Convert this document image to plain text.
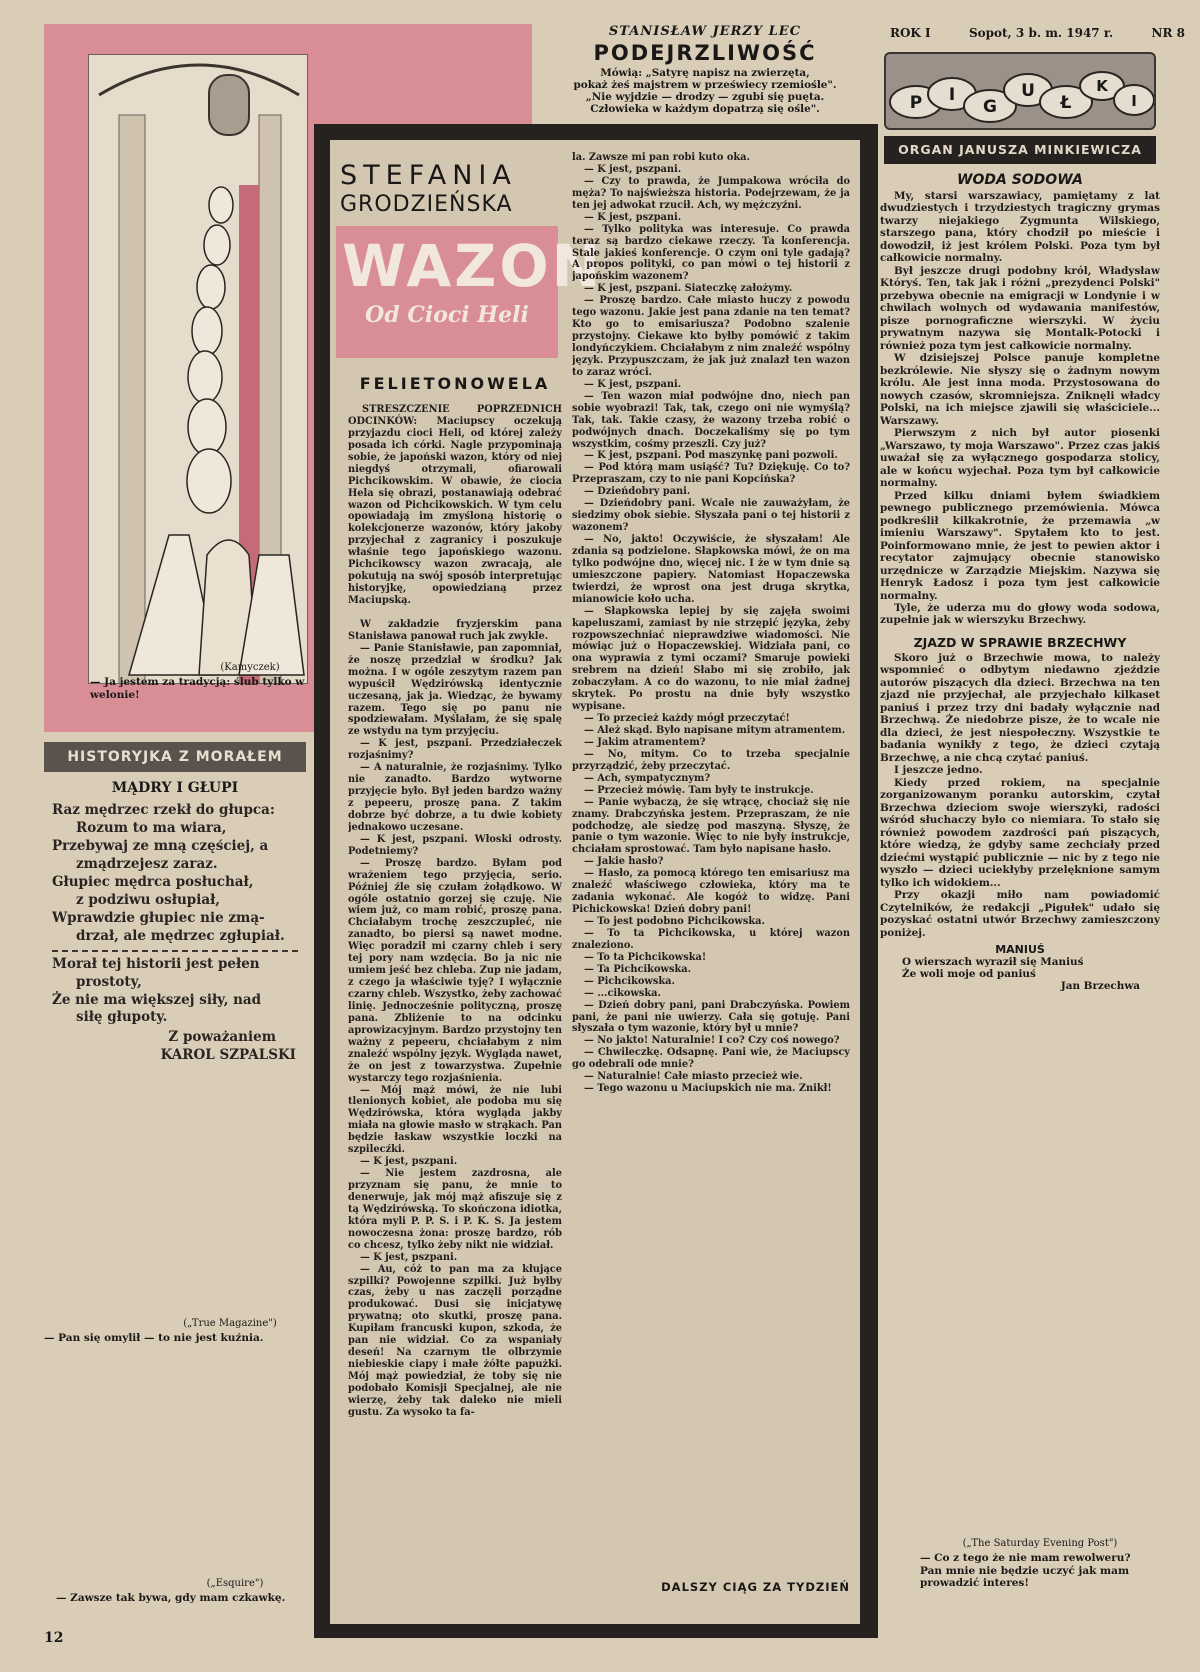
STANISŁAW JERZY LEC
PODEJRZLIWOŚĆ
Mówią: „Satyrę napisz na zwierzęta,
pokaż żeś majstrem w przeświecy rzemiośle".
„Nie wyjdzie — drodzy — zgubi się puęta.
Człowieka w każdym dopatrzą się ośle".
ROK I	Sopot, 3 b. m. 1947 r.	NR 8
P I
G
U
Ł
K
I
ORGAN JANUSZA MINKIEWICZA
(Kamyczek)
— Ja jestem za tradycją: ślub tylko w welonie!
HISTORYJKA Z MORAŁEM
MĄDRY I GŁUPI
Raz mędrzec rzekł do głupca:
Rozum to ma wiara,
Przebywaj ze mną częściej, a
zmądrzejesz zaraz.
Głupiec mędrca posłuchał,
z podziwu osłupiał,
Wprawdzie głupiec nie zmą-
drzał, ale mędrzec zgłupiał.
Morał tej historii jest pełen
prostoty,
Że nie ma większej siły, nad
siłę głupoty.
Z poważaniem
KAROL SZPALSKI
(„True Magazine")
— Pan się omylił — to nie jest kuźnia.
(„Esquire")
— Zawsze tak bywa, gdy mam czkawkę.
12
STEFANIA
GRODZIEŃSKA
WAZON
Od Cioci Heli
FELIETONOWELA
STRESZCZENIE POPRZEDNICH ODCINKÓW: Maciupscy oczekują przyjazdu cioci Heli, od której zależy posada ich córki. Nagle przypominają sobie, że japoński wazon, który od niej niegdyś otrzymali, ofiarowali Pichcikowskim. W obawie, że ciocia Hela się obrazi, postanawiają odebrać wazon od Pichcikowskich. W tym celu opowiadają im zmyśloną historię o kolekcjonerze wazonów, który jakoby przyjechał z zagranicy i poszukuje właśnie tego japońskiego wazonu. Pichcikowscy wazon zwracają, ale pokutują na swój sposób interpretując historyjkę, opowiedzianą przez Maciupską.
W zakładzie fryzjerskim pana Stanisława panował ruch jak zwykle.
— Panie Stanisławie, pan zapomniał, że noszę przedział w środku? Jak można. I w ogóle zeszytym razem pan wypuścił Wędzirówską identycznie uczesaną, jak ja. Wiedząc, że bywamy razem. Tego się po panu nie spodziewałam. Myślałam, że się spalę ze wstydu na tym przyjęciu.
— K jest, pszpani. Przedziałeczek rozjaśnimy?
— A naturalnie, że rozjaśnimy. Tylko nie zanadto. Bardzo wytworne przyjęcie było. Był jeden bardzo ważny z pepeeru, proszę pana. Z takim dobrze być dobrze, a tu dwie kobiety jednakowo uczesane.
— K jest, pszpani. Włoski odrosty. Podetniemy?
— Proszę bardzo. Byłam pod wrażeniem tego przyjęcia, serio. Później źle się czułam żołądkowo. W ogóle ostatnio gorzej się czuję. Nie wiem już, co mam robić, proszę pana. Chciałabym trochę zeszczupleć, nie zanadto, bo piersi są nawet modne. Więc poradził mi czarny chleb i sery tej pory nam wzdęcia. Bo ja nic nie umiem jeść bez chleba. Zup nie jadam, z czego ja właściwie tyję? I wyłącznie czarny chleb. Wszystko, żeby zachować linię. Jednocześnie polityczną, proszę pana. Zbliżenie to na odcinku aprowizacyjnym. Bardzo przystojny ten ważny z pepeeru, chciałabym z nim znaleźć wspólny język. Wygląda nawet, że on jest z towarzystwa. Zupełnie wystarczy tego rozjaśnienia.
— Mój mąż mówi, że nie lubi tlenionych kobiet, ale podoba mu się Wędzirówska, która wygląda jakby miała na głowie masło w strąkach. Pan będzie łaskaw wszystkie loczki na szpilecźki.
— K jest, pszpani.
— Nie jestem zazdrosna, ale przyznam się panu, że mnie to denerwuje, jak mój mąż afiszuje się z tą Wędzirówską. To skończona idiotka, która myli P. P. S. i P. K. S. Ja jestem nowoczesna żona: proszę bardzo, rób co chcesz, tylko żeby nikt nie widział.
— K jest, pszpani.
— Au, cóż to pan ma za kłujące szpilki? Powojenne szpilki. Już byłby czas, żeby u nas zaczęli porządne produkować. Dusi się inicjatywę prywatną; oto skutki, proszę pana. Kupiłam francuski kupon, szkoda, że pan nie widział. Co za wspaniały deseń! Na czarnym tle olbrzymie niebieskie ciapy i małe żółte papużki. Mój mąż powiedział, że toby się nie podobało Komisji Specjalnej, ale nie wierzę, żeby tak daleko nie mieli gustu. Za wysoko ta fa-
la. Zawsze mi pan robi kuto oka.
— K jest, pszpani.
— Czy to prawda, że Jumpakowa wróciła do męża? To najświeższa historia. Podejrzewam, że ja ten jej adwokat rzucił. Ach, wy mężczyźni.
— K jest, pszpani.
— Tylko polityka was interesuje. Co prawda teraz są bardzo ciekawe rzeczy. Ta konferencja. Stale jakieś konferencje. O czym oni tyle gadają? A propos polityki, co pan mówi o tej historii z japońskim wazonem?
— K jest, pszpani. Siateczkę założymy.
— Proszę bardzo. Całe miasto huczy z powodu tego wazonu. Jakie jest pana zdanie na ten temat? Kto go to emisariusza? Podobno szalenie przystojny. Ciekawe kto byłby pomówić z takim londyńczykiem. Chciałabym z nim znaleźć wspólny język. Przypuszczam, że jak już znalazł ten wazon to zaraz wróci.
— K jest, pszpani.
— Ten wazon miał podwójne dno, niech pan sobie wyobrazi! Tak, tak, czego oni nie wymyślą? Tak, tak. Takie czasy, że wazony trzeba robić o podwójnych dnach. Doczekaliśmy się po tym wszystkim, cośmy przeszli. Czy już?
— K jest, pszpani. Pod maszynkę pani pozwoli.
— Pod którą mam usiąść? Tu? Dziękuję. Co to? Przepraszam, czy to nie pani Kopcińska?
— Dzieńdobry pani.
— Dzieńdobry pani. Wcale nie zauważyłam, że siedzimy obok siebie. Słyszała pani o tej historii z wazonem?
— No, jakto! Oczywiście, że słyszałam! Ale zdania są podzielone. Słapkowska mówi, że on ma tylko podwójne dno, więcej nic. I że w tym dnie są umieszczone papiery. Natomiast Hopaczewska twierdzi, że wprost ona jest druga skrytka, mianowicie koło ucha.
— Słapkowska lepiej by się zajęła swoimi kapeluszami, zamiast by nie strzępić języka, żeby rozpowszechniać nieprawdziwe wiadomości. Nie mówiąc już o Hopaczewskiej. Widziała pani, co ona wyprawia z tymi oczami? Smaruje powieki srebrem na dzień! Słabo mi się zrobiło, jak zobaczyłam. A co do wazonu, to nie miał żadnej skrytek. Po prostu na dnie były wszystko wypisane.
— To przecież każdy mógł przeczytać!
— Ależ skąd. Było napisane mitym atramentem.
— Jakim atramentem?
— No, mitym. Co to trzeba specjalnie przyrządzić, żeby przeczytać.
— Ach, sympatycznym?
— Przecież mówię. Tam były te instrukcje.
— Panie wybaczą, że się wtrącę, chociaż się nie znamy. Drabczyńska jestem. Przepraszam, że nie podchodzę, ale siedzę pod maszyną. Słyszę, że panie o tym wazonie. Więc to nie były instrukcje, chciałam sprostować. Tam było napisane hasło.
— Jakie hasło?
— Hasło, za pomocą którego ten emisariusz ma znaleźć właściwego człowieka, który ma te zadania wykonać. Ale kogóż to widzę. Pani Pichickowska! Dzień dobry pani!
— To jest podobno Pichcikowska.
— To ta Pichcikowska, u której wazon znaleziono.
— To ta Pichcikowska!
— Ta Pichcikowska.
— Pichcikowska.
— ...cikowska.
— Dzień dobry pani, pani Drabczyńska. Powiem pani, że pani nie uwierzy. Cała się gotuję. Pani słyszała o tym wazonie, który był u mnie?
— No jakto! Naturalnie! I co? Czy coś nowego?
— Chwileczkę. Odsapnę. Pani wie, że Maciupscy go odebrali ode mnie?
— Naturalnie! Całe miasto przecież wie.
— Tego wazonu u Maciupskich nie ma. Znikł!
DALSZY CIĄG ZA TYDZIEŃ
WODA SODOWA
My, starsi warszawiacy, pamiętamy z lat dwudziestych i trzydziestych tragiczny grymas twarzy niejakiego Zygmunta Wilskiego, starszego pana, który chodził po mieście i dowodził, iż jest królem Polski. Poza tym był całkowicie normalny.
Był jeszcze drugi podobny król, Władysław Któryś. Ten, tak jak i różni „prezydenci Polski" przebywa obecnie na emigracji w Londynie i w chwilach wolnych od wydawania manifestów, pisze pornograficzne wierszyki. W życiu prywatnym nazywa się Montalk-Potocki i również poza tym jest całkowicie normalny.
W dzisiejszej Polsce panuje kompletne bezkrólewie. Nie słyszy się o żadnym nowym królu. Ale jest inna moda. Przystosowana do nowych czasów, skromniejsza. Zniknęli władcy Polski, na ich miejsce zjawili się właściciele... Warszawy.
Pierwszym z nich był autor piosenki „Warszawo, ty moja Warszawo". Przez czas jakiś uważał się za wyłącznego gospodarza stolicy, ale w końcu wyjechał. Poza tym był całkowicie normalny.
Przed kilku dniami byłem świadkiem pewnego publicznego przemówienia. Mówca podkreślił kilkakrotnie, że przemawia „w imieniu Warszawy". Spytałem kto to jest. Poinformowano mnie, że jest to pewien aktor i recytator zajmujący obecnie stanowisko urzędnicze w Zarządzie Miejskim. Nazywa się Henryk Ładosz i poza tym jest całkowicie normalny.
Tyle, że uderza mu do głowy woda sodowa, zupełnie jak w wierszyku Brzechwy.
ZJAZD W SPRAWIE BRZECHWY
Skoro już o Brzechwie mowa, to należy wspomnieć o odbytym niedawno zjeździe autorów piszących dla dzieci. Brzechwa na ten zjazd nie przyjechał, ale przyjechało kilkaset paniuś i przez trzy dni badały wyłącznie nad Brzechwą. Że niedobrze pisze, że to wcale nie dla dzieci, że jest niespołeczny. Wszystkie te badania wynikły z tego, że dzieci czytają Brzechwę, a nie chcą czytać paniuś.
I jeszcze jedno.
Kiedy przed rokiem, na specjalnie zorganizowanym poranku autorskim, czytał Brzechwa dzieciom swoje wierszyki, radości wśród słuchaczy było co niemiara. To stało się również powodem zazdrości pań piszących, które wiedzą, że gdyby same zechciały przed dziećmi wystąpić publicznie — nic by z tego nie wyszło — dzieci uciekłyby przelęknione samym tylko ich widokiem...
Przy okazji miło nam powiadomić Czytelników, że redakcji „Pigułek" udało się pozyskać ostatni utwór Brzechwy zamieszczony poniżej.
MANIUŚ
O wierszach wyraził się Maniuś
Że woli moje od paniuś
Jan Brzechwa
(„The Saturday Evening Post")
— Co z tego że nie mam rewolweru? Pan mnie nie będzie uczyć jak mam prowadzić interes!
